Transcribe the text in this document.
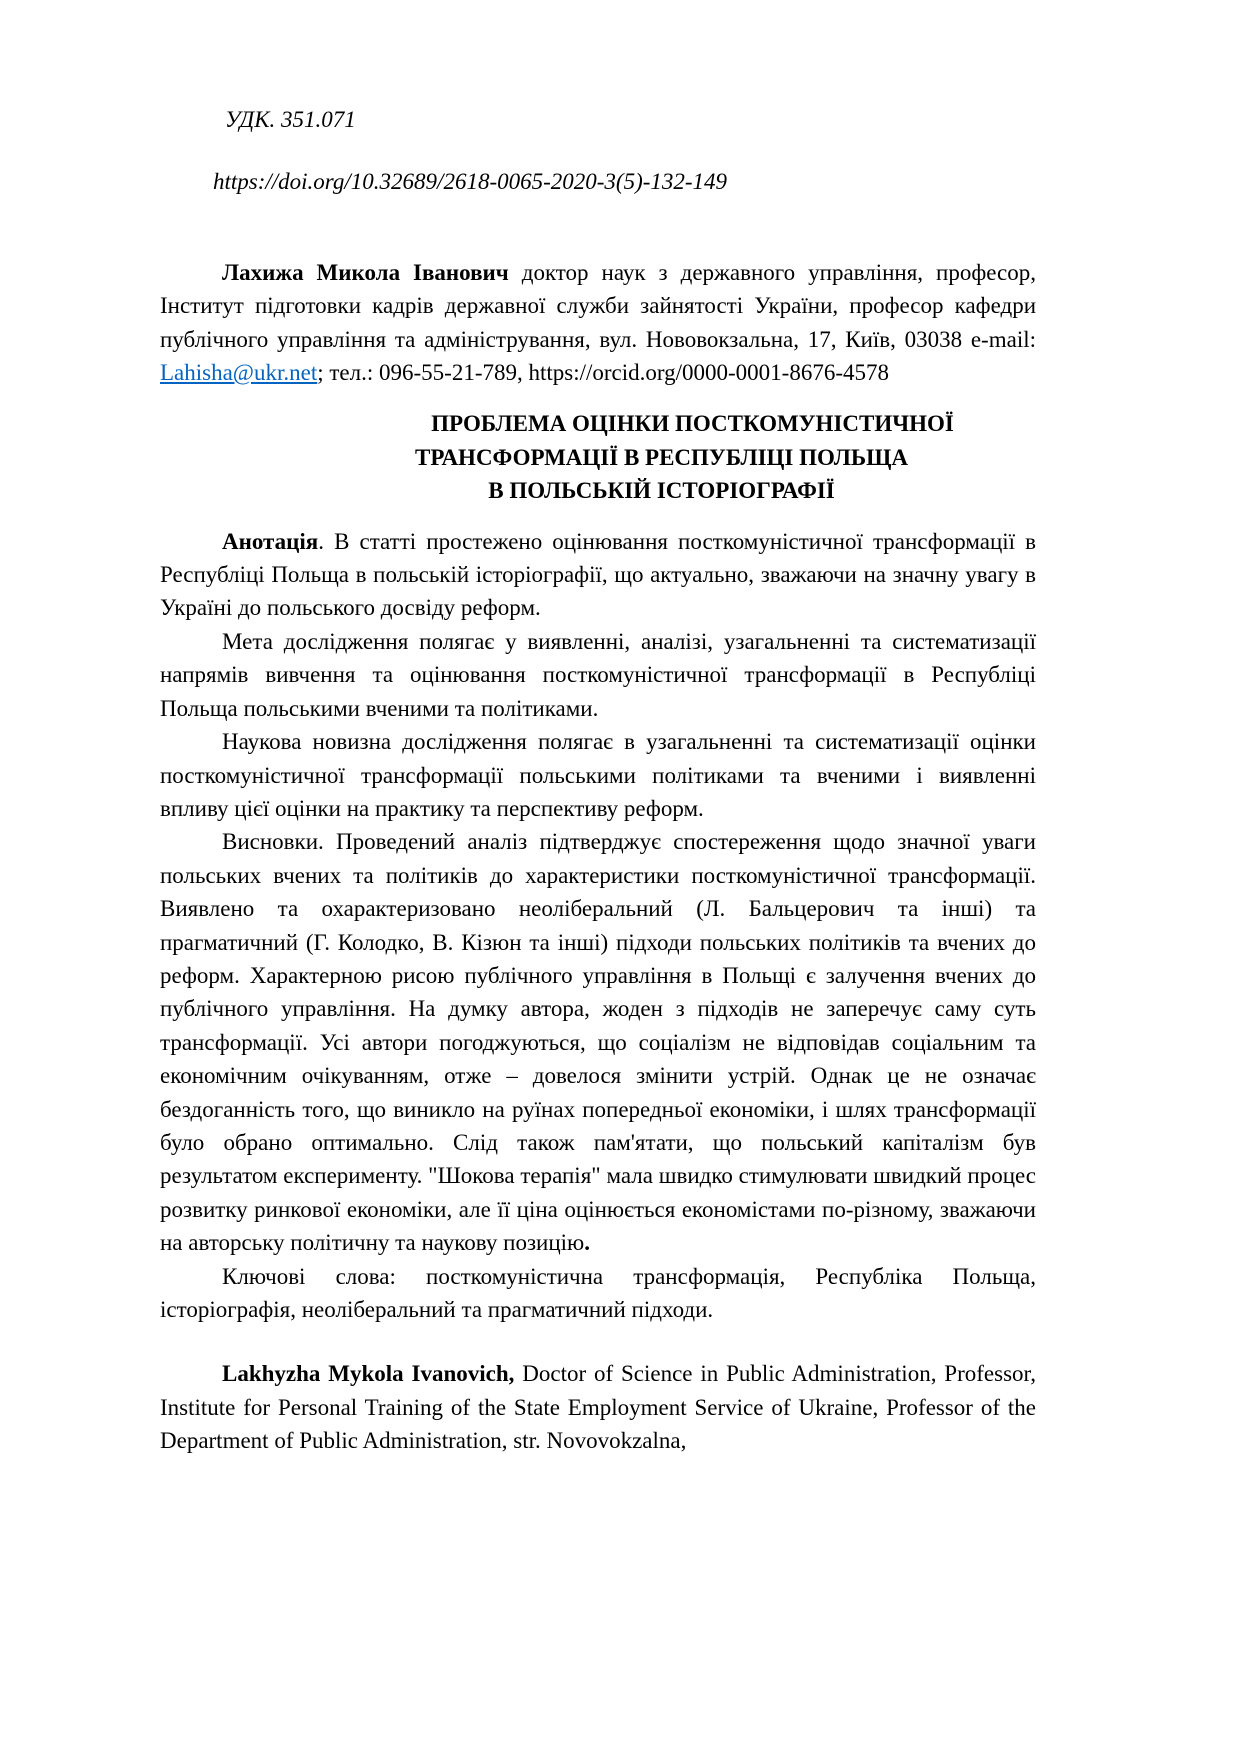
УДК. 351.071

https://doi.org/10.32689/2618-0065-2020-3(5)-132-149

Лахижа Микола Іванович доктор наук з державного управління, професор, Інститут підготовки кадрів державної служби зайнятості України, професор кафедри публічного управління та адміністрування, вул. Нововокзальна, 17, Київ, 03038 e-mail: Lahisha@ukr.net; тел.: 096-55-21-789, https://orcid.org/0000-0001-8676-4578

ПРОБЛЕМА ОЦІНКИ ПОСТКОМУНІСТИЧНОЇ
ТРАНСФОРМАЦІЇ В РЕСПУБЛІЦІ ПОЛЬЩА
В ПОЛЬСЬКІЙ ІСТОРІОГРАФІЇ

Анотація. В статті простежено оцінювання посткомуністичної трансформації в Республіці Польща в польській історіографії, що актуально, зважаючи на значну увагу в Україні до польського досвіду реформ.

Мета дослідження полягає у виявленні, аналізі, узагальненні та систематизації напрямів вивчення та оцінювання посткомуністичної трансформації в Республіці Польща польськими вченими та політиками.

Наукова новизна дослідження полягає в узагальненні та систематизації оцінки посткомуністичної трансформації польськими політиками та вченими і виявленні впливу цієї оцінки на практику та перспективу реформ.

Висновки. Проведений аналіз підтверджує спостереження щодо значної уваги польських вчених та політиків до характеристики посткомуністичної трансформації. Виявлено та охарактеризовано неоліберальний (Л. Бальцерович та інші) та прагматичний (Г. Колодко, В. Кізюн та інші) підходи польських політиків та вчених до реформ. Характерною рисою публічного управління в Польщі є залучення вчених до публічного управління. На думку автора, жоден з підходів не заперечує саму суть трансформації. Усі автори погоджуються, що соціалізм не відповідав соціальним та економічним очікуванням, отже – довелося змінити устрій. Однак це не означає бездоганність того, що виникло на руїнах попередньої економіки, і шлях трансформації було обрано оптимально. Слід також пам'ятати, що польський капіталізм був результатом експерименту. "Шокова терапія" мала швидко стимулювати швидкий процес розвитку ринкової економіки, але її ціна оцінюється економістами по-різному, зважаючи на авторську політичну та наукову позицію.

Ключові слова: посткомуністична трансформація, Республіка Польща, історіографія, неоліберальний та прагматичний підходи.

Lakhyzha Mykola Ivanovich, Doctor of Science in Public Administration, Professor, Institute for Personal Training of the State Employment Service of Ukraine, Professor of the Department of Public Administration, str. Novovokzalna,
